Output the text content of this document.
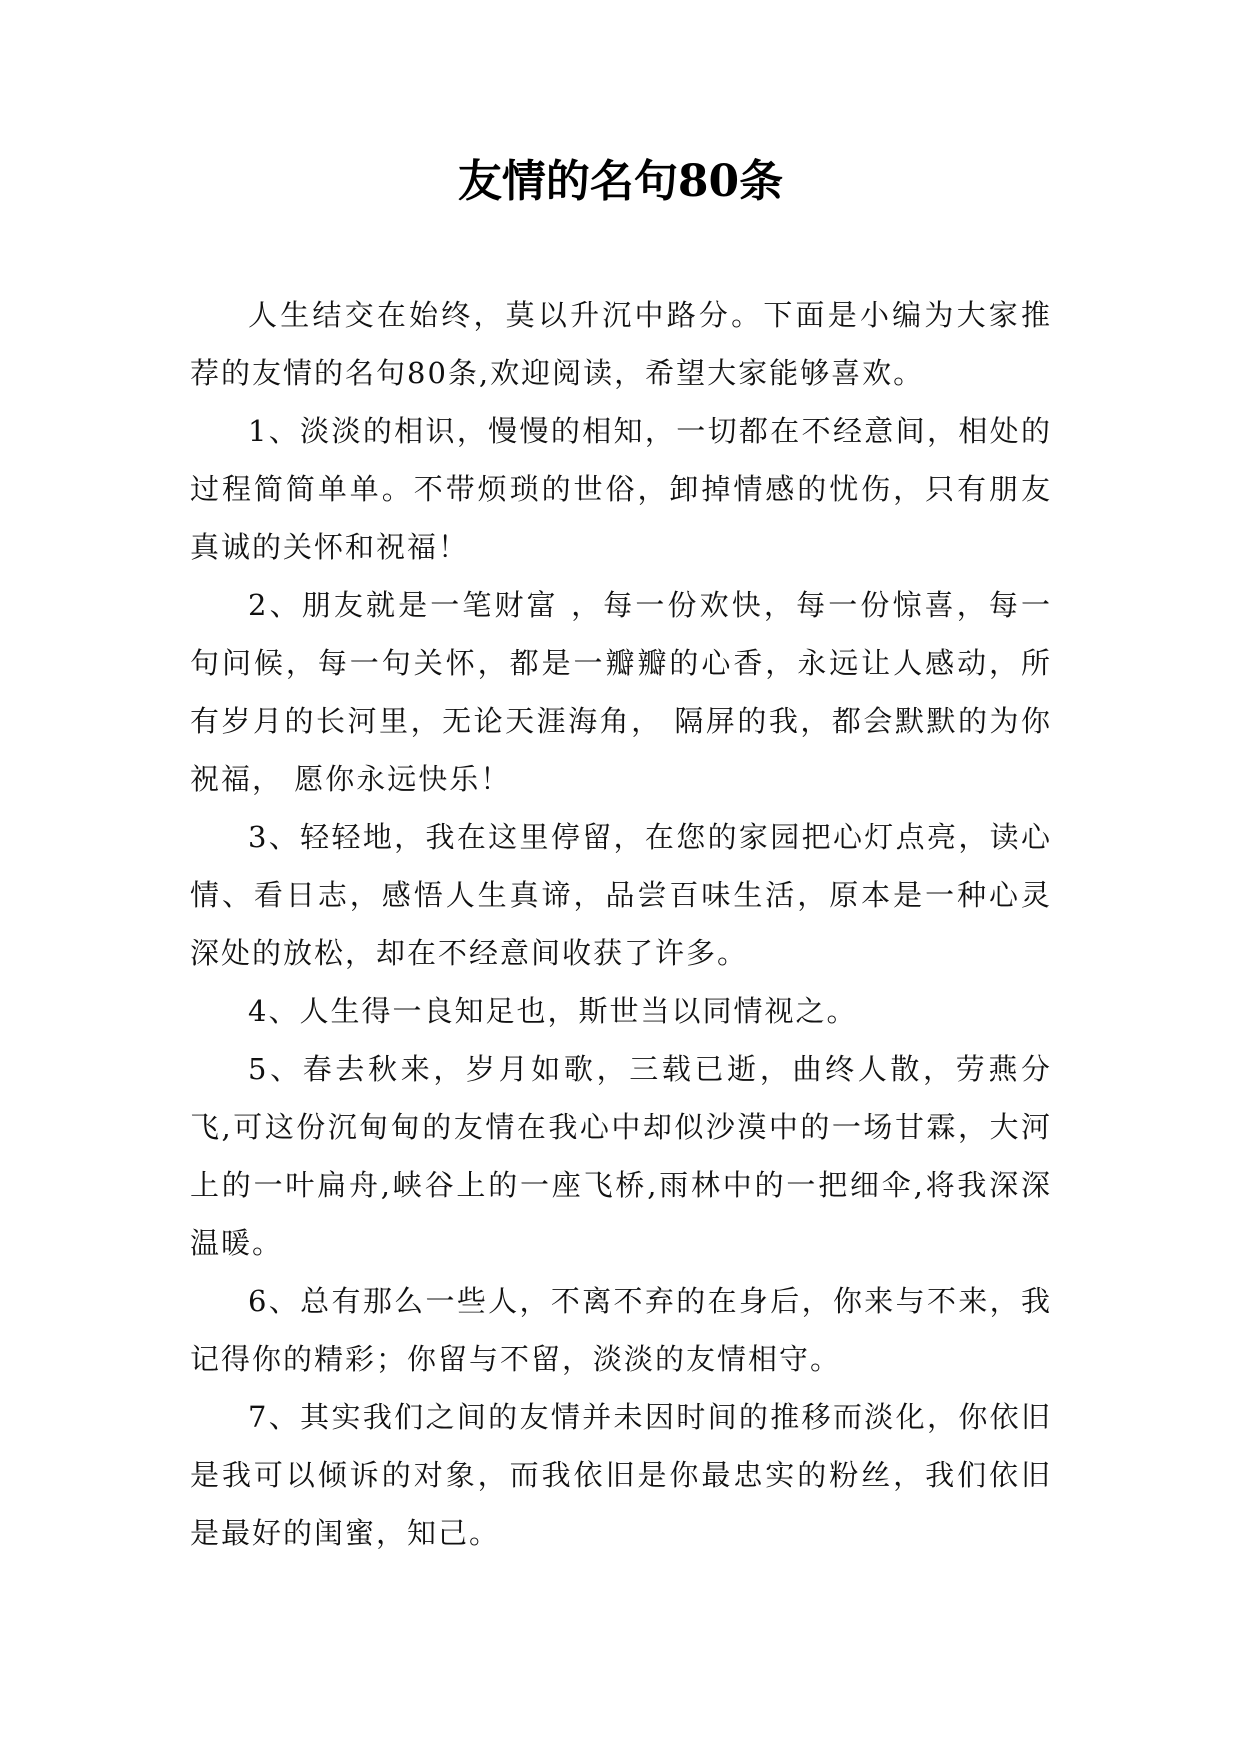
友情的名句80条

人生结交在始终，莫以升沉中路分。下面是小编为大家推荐的友情的名句80条,欢迎阅读，希望大家能够喜欢。

1、淡淡的相识，慢慢的相知，一切都在不经意间，相处的过程简简单单。不带烦琐的世俗，卸掉情感的忧伤，只有朋友真诚的关怀和祝福！

2、朋友就是一笔财富 ，每一份欢快，每一份惊喜，每一句问候，每一句关怀，都是一瓣瓣的心香，永远让人感动，所有岁月的长河里，无论天涯海角， 隔屏的我，都会默默的为你祝福， 愿你永远快乐！

3、轻轻地，我在这里停留，在您的家园把心灯点亮，读心情、看日志，感悟人生真谛，品尝百味生活，原本是一种心灵深处的放松，却在不经意间收获了许多。

4、人生得一良知足也，斯世当以同情视之。

5、春去秋来，岁月如歌，三载已逝，曲终人散，劳燕分飞,可这份沉甸甸的友情在我心中却似沙漠中的一场甘霖，大河上的一叶扁舟,峡谷上的一座飞桥,雨林中的一把细伞,将我深深温暖。

6、总有那么一些人，不离不弃的在身后，你来与不来，我记得你的精彩；你留与不留，淡淡的友情相守。

7、其实我们之间的友情并未因时间的推移而淡化，你依旧是我可以倾诉的对象，而我依旧是你最忠实的粉丝，我们依旧是最好的闺蜜，知己。
